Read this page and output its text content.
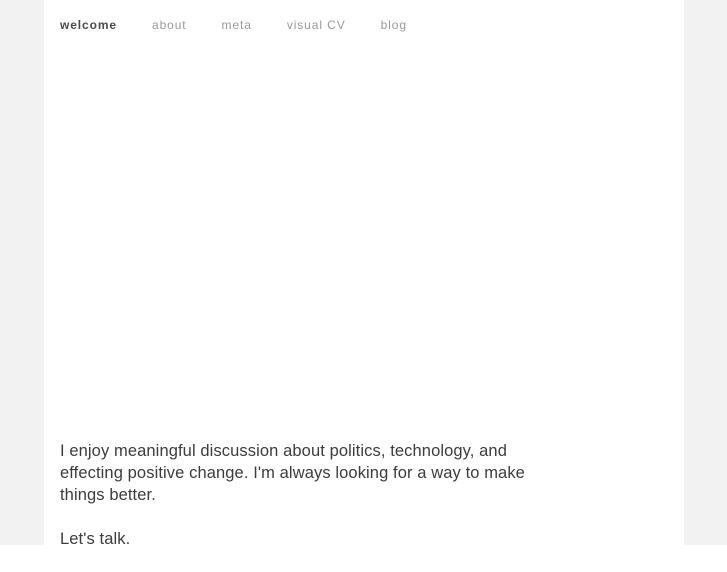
welcome	about	meta	visual CV	blog

I enjoy meaningful discussion about politics, technology, and effecting positive change. I'm always looking for a way to make things better.

Let's talk.
